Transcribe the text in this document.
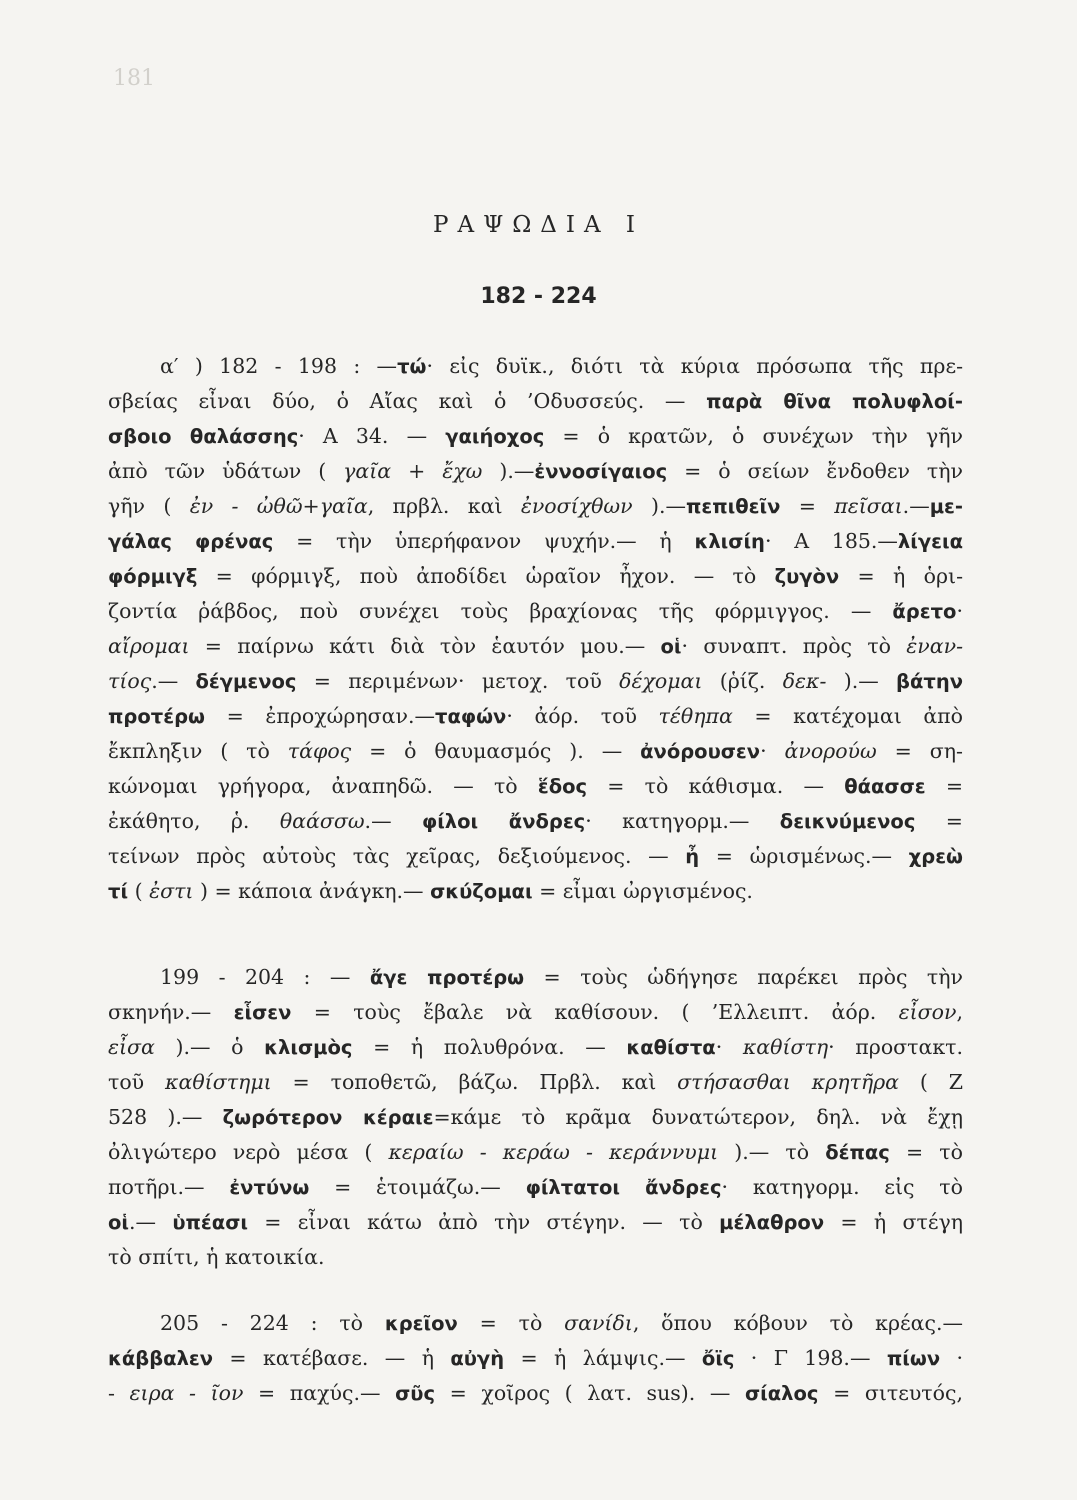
181
ΡΑΨΩΔΙΑ Ι
182 - 224
α′ ) 182 - 198 : —τώ· εἰς δυϊκ., διότι τὰ κύρια πρόσωπα τῆς πρε-
σβείας εἶναι δύο, ὁ Αἴας καὶ ὁ ’Οδυσσεύς. — παρὰ θῖνα πολυφλοί-
σβοιο θαλάσσης· Α 34. — γαιήοχος = ὁ κρατῶν, ὁ συνέχων τὴν γῆν
ἀπὸ τῶν ὑδάτων ( γαῖα + ἔχω ).—ἐννοσίγαιος = ὁ σείων ἔνδοθεν τὴν
γῆν ( ἐν - ὠθῶ+γαῖα, πρβλ. καὶ ἐνοσίχθων ).—πεπιθεῖν = πεῖσαι.—με-
γάλας φρένας = τὴν ὑπερήφανον ψυχήν.— ἡ κλισίη· Α 185.—λίγεια
φόρμιγξ = φόρμιγξ, ποὺ ἀποδίδει ὡραῖον ἦχον. — τὸ ζυγὸν = ἡ ὁρι-
ζοντία ῥάβδος, ποὺ συνέχει τοὺς βραχίονας τῆς φόρμιγγος. — ἄρετο·
αἴρομαι = παίρνω κάτι διὰ τὸν ἑαυτόν μου.— οἱ· συναπτ. πρὸς τὸ ἐναν-
τίος.— δέγμενος = περιμένων· μετοχ. τοῦ δέχομαι (ῥίζ. δεκ- ).— βάτην
προτέρω = ἐπροχώρησαν.—ταφών· ἀόρ. τοῦ τέθηπα = κατέχομαι ἀπὸ
ἔκπληξιν ( τὸ τάφος = ὁ θαυμασμός ). — ἀνόρουσεν· ἀνορούω = ση-
κώνομαι γρήγορα, ἀναπηδῶ. — τὸ ἕδος = τὸ κάθισμα. — θάασσε =
ἐκάθητο, ῥ. θαάσσω.— φίλοι ἄνδρες· κατηγορμ.— δεικνύμενος =
τείνων πρὸς αὐτοὺς τὰς χεῖρας, δεξιούμενος. — ἦ = ὡρισμένως.— χρεὼ
τί ( ἐστι ) = κάποια ἀνάγκη.— σκύζομαι = εἶμαι ὠργισμένος.
199 - 204 : — ἄγε προτέρω = τοὺς ὡδήγησε παρέκει πρὸς τὴν
σκηνήν.— εἷσεν = τοὺς ἔβαλε νὰ καθίσουν. ( ’Ελλειπτ. ἀόρ. εἶσον,
εἶσα ).— ὁ κλισμὸς = ἡ πολυθρόνα. — καθίστα· καθίστη· προστακτ.
τοῦ καθίστημι = τοποθετῶ, βάζω. Πρβλ. καὶ στήσασθαι κρητῆρα ( Ζ
528 ).— ζωρότερον κέραιε=κάμε τὸ κρᾶμα δυνατώτερον, δηλ. νὰ ἔχῃ
ὀλιγώτερο νερὸ μέσα ( κεραίω - κεράω - κεράννυμι ).— τὸ δέπας = τὸ
ποτῆρι.— ἐντύνω = ἑτοιμάζω.— φίλτατοι ἄνδρες· κατηγορμ. εἰς τὸ
οἱ.— ὑπέασι = εἶναι κάτω ἀπὸ τὴν στέγην. — τὸ μέλαθρον = ἡ στέγη
τὸ σπίτι, ἡ κατοικία.
205 - 224 : τὸ κρεῖον = τὸ σανίδι, ὅπου κόβουν τὸ κρέας.—
κάββαλεν = κατέβασε. — ἡ αὐγὴ = ἡ λάμψις.— ὄϊς · Γ 198.— πίων ·
- ειρα - ῖον = παχύς.— σῦς = χοῖρος ( λατ. sus). — σίαλος = σιτευτός,
